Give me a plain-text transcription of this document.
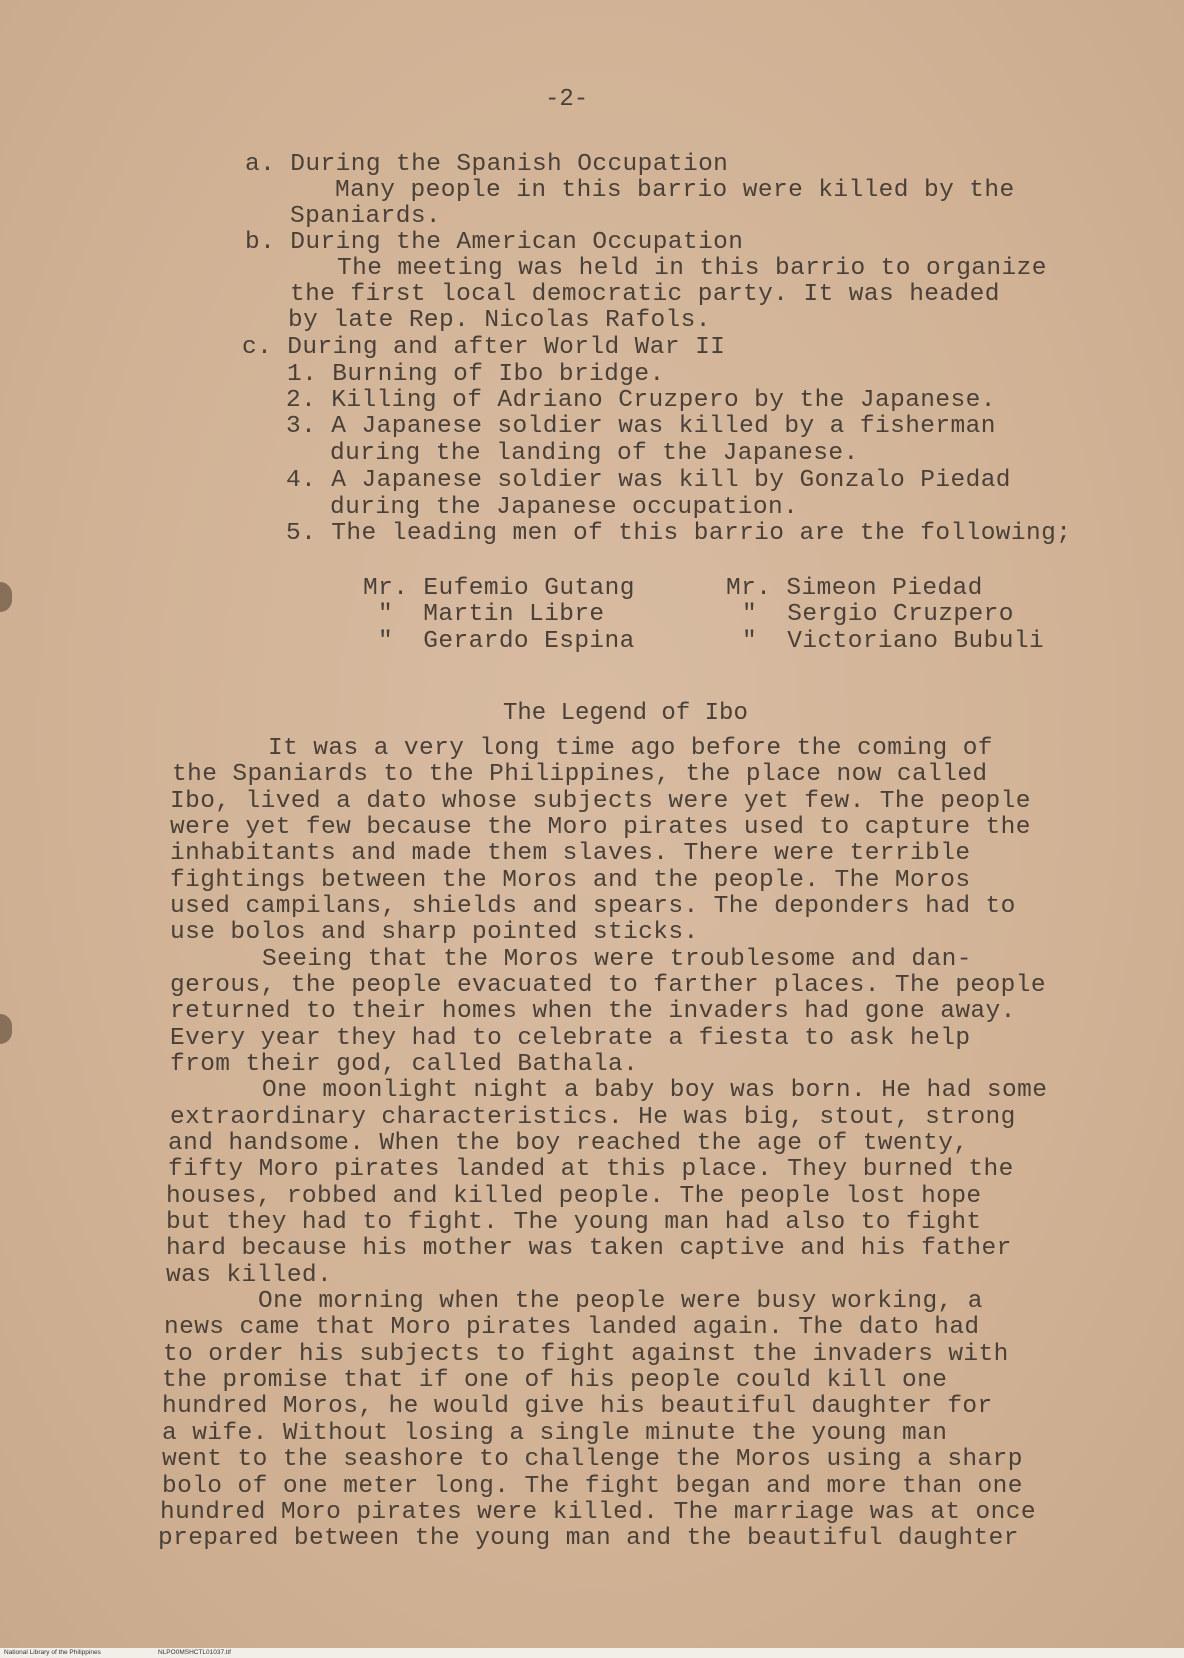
-2-
a. During the Spanish Occupation
Many people in this barrio were killed by the
Spaniards.
b. During the American Occupation
The meeting was held in this barrio to organize
the first local democratic party. It was headed
by late Rep. Nicolas Rafols.
c. During and after World War II
1. Burning of Ibo bridge.
2. Killing of Adriano Cruzpero by the Japanese.
3. A Japanese soldier was killed by a fisherman
during the landing of the Japanese.
4. A Japanese soldier was kill by Gonzalo Piedad
during the Japanese occupation.
5. The leading men of this barrio are the following;
Mr. Eufemio Gutang
"  Martin Libre
"  Gerardo Espina
Mr. Simeon Piedad
"  Sergio Cruzpero
"  Victoriano Bubuli
The Legend of Ibo
It was a very long time ago before the coming of
the Spaniards to the Philippines, the place now called
Ibo, lived a dato whose subjects were yet few. The people
were yet few because the Moro pirates used to capture the
inhabitants and made them slaves. There were terrible
fightings between the Moros and the people. The Moros
used campilans, shields and spears. The deponders had to
use bolos and sharp pointed sticks.
Seeing that the Moros were troublesome and dan-
gerous, the people evacuated to farther places. The people
returned to their homes when the invaders had gone away.
Every year they had to celebrate a fiesta to ask help
from their god, called Bathala.
One moonlight night a baby boy was born. He had some
extraordinary characteristics. He was big, stout, strong
and handsome. When the boy reached the age of twenty,
fifty Moro pirates landed at this place. They burned the
houses, robbed and killed people. The people lost hope
but they had to fight. The young man had also to fight
hard because his mother was taken captive and his father
was killed.
One morning when the people were busy working, a
news came that Moro pirates landed again. The dato had
to order his subjects to fight against the invaders with
the promise that if one of his people could kill one
hundred Moros, he would give his beautiful daughter for
a wife. Without losing a single minute the young man
went to the seashore to challenge the Moros using a sharp
bolo of one meter long. The fight began and more than one
hundred Moro pirates were killed. The marriage was at once
prepared between the young man and the beautiful daughter

National Library of the Philippines

	NLPO0MSHCTL01037.tif
